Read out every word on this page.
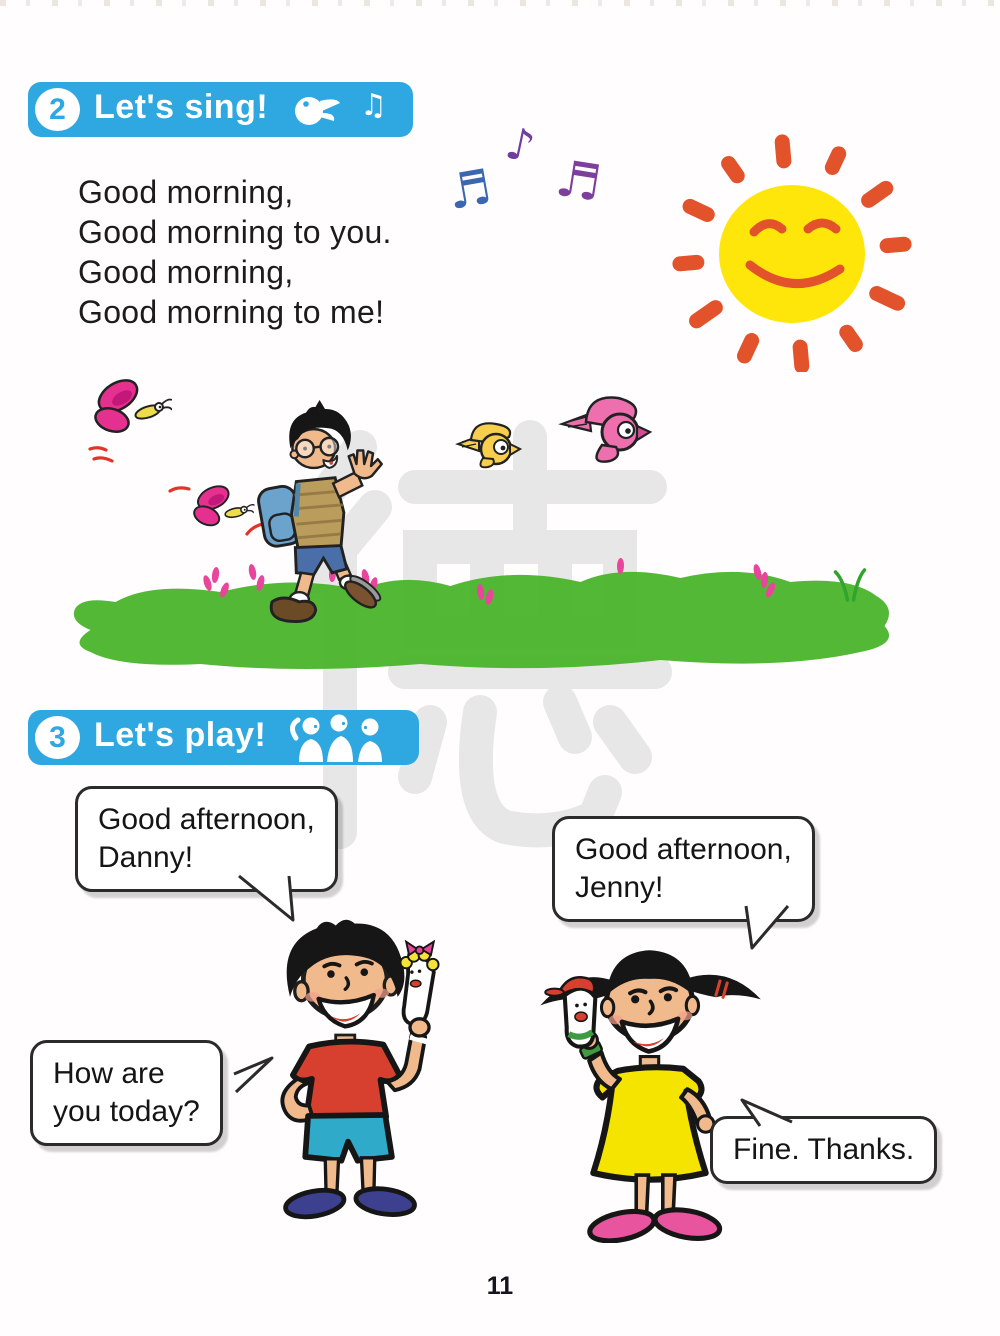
2 Let's sing!	♫
Good morning,
Good morning to you.
Good morning,
Good morning to me!
♬
♪
♬
3 Let's play!
Good afternoon,
Danny!	Good afternoon,
Jenny!
How are
you today?
Fine. Thanks.
11
